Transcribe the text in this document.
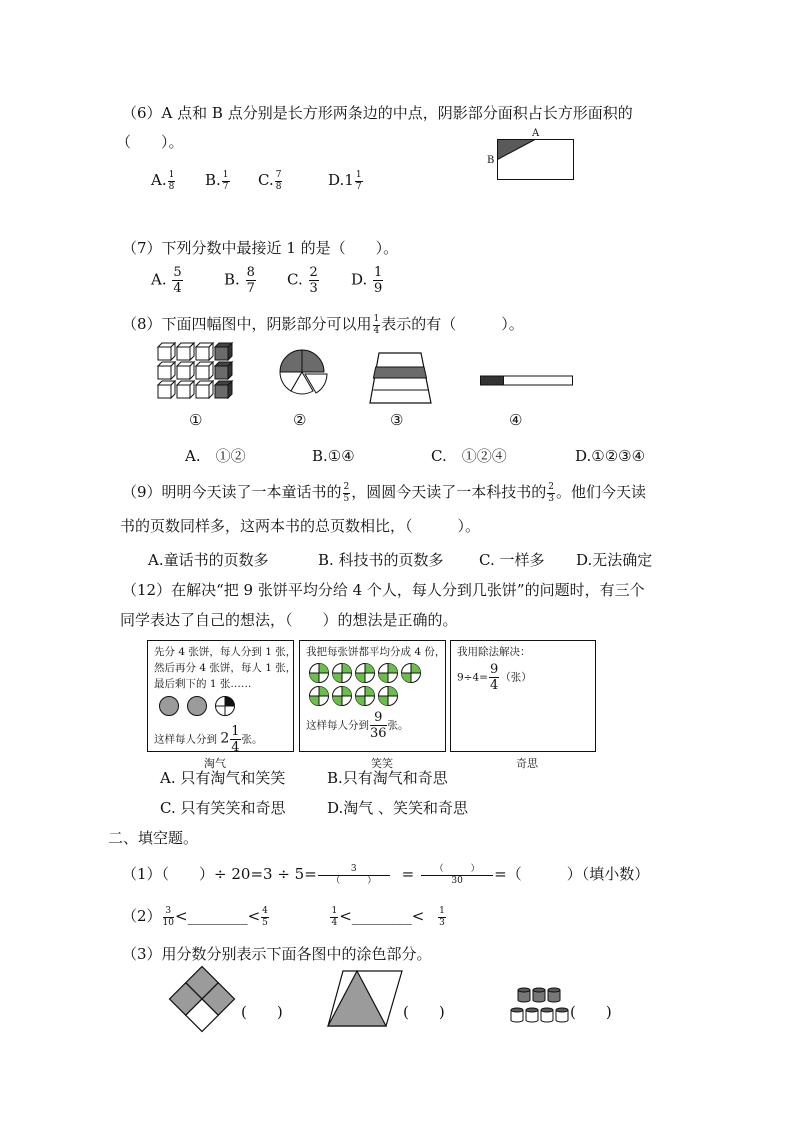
（6）A 点和 B 点分别是长方形两条边的中点，阴影部分面积占长方形面积的
（　　）。	A
B
A. $\frac{1}{8} B$. $\frac{1}{7} C$. $\frac{7}{8}$	$D.1 \frac{1}{7}$
（7）下列分数中最接近 1 的是（　　）。
A. $\frac{5}{4}$	B. $\frac{8}{7} C$. $\frac{2}{3} D$. $\frac{1}{9}$
（8）下面四幅图中，阴影部分可以用 $\frac{1}{4}$ 表示的有（　　　）。
①	②	③	④
A.　①②	B.①④	C.　①②④	D.①②③④
（9）明明今天读了一本童话书的 $\frac{2}{5}$ ，圆圆今天读了一本科技书的 $\frac{2}{3}$ 。他们今天读
书的页数同样多，这两本书的总页数相比，（　　　）。
A.童话书的页数多	B. 科技书的页数多 C. 一样多 D.无法确定
（12）在解决“把 9 张饼平均分给 4 个人，每人分到几张饼”的问题时，有三个
同学表达了自己的想法，（　　）的想法是正确的。
先分 4 张饼，每人分到 1 张，
然后再分 4 张饼，每人 1 张，
最后剩下的 1 张……
这样每人分到 $2 \frac{1}{4}$ 张。
淘气
我把每张饼都平均分成 4 份，
这样每人分到 $\frac{9}{36}$ 张。
笑笑
我用除法解决：
$9\div 4= \frac{9}{4}$ （张）
奇思
A. 只有淘气和笑笑	B.只有淘气和奇思
C. 只有笑笑和奇思	D.淘气 、笑笑和奇思
二、填空题。
（1）（　　）÷ $20=3 \div 5= \frac{3}{( )} = \frac{( )}{30}$ =（　　　）（填小数）
$(2) \frac{3}{10}$ <________< $\frac{4}{5}$
	$\frac{1}{4}$ <________< $\frac{1}{3}$
（3）用分数分别表示下面各图中的涂色部分。
(　　)	(　　)	(　　)
